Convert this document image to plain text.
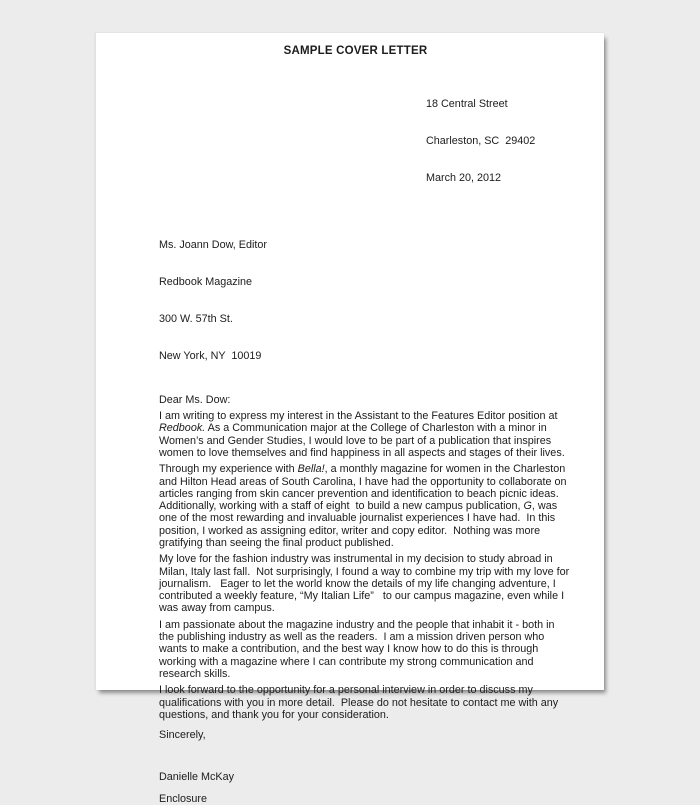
SAMPLE COVER LETTER

18 Central Street

Charleston, SC  29402

March 20, 2012

Ms. Joann Dow, Editor

Redbook Magazine

300 W. 57th St.

New York, NY  10019

Dear Ms. Dow:

I am writing to express my interest in the Assistant to the Features Editor position at Redbook. As a Communication major at the College of Charleston with a minor in Women’s and Gender Studies, I would love to be part of a publication that inspires women to love themselves and find happiness in all aspects and stages of their lives.

Through my experience with Bella!, a monthly magazine for women in the Charleston and Hilton Head areas of South Carolina, I have had the opportunity to collaborate on articles ranging from skin cancer prevention and identification to beach picnic ideas.  Additionally, working with a staff of eight  to build a new campus publication, G, was one of the most rewarding and invaluable journalist experiences I have had.  In this position, I worked as assigning editor, writer and copy editor.  Nothing was more gratifying than seeing the final product published.

My love for the fashion industry was instrumental in my decision to study abroad in Milan, Italy last fall.  Not surprisingly, I found a way to combine my trip with my love for journalism.   Eager to let the world know the details of my life changing adventure, I contributed a weekly feature, “My Italian Life”   to our campus magazine, even while I was away from campus.

I am passionate about the magazine industry and the people that inhabit it - both in the publishing industry as well as the readers.  I am a mission driven person who wants to make a contribution, and the best way I know how to do this is through working with a magazine where I can contribute my strong communication and research skills.

I look forward to the opportunity for a personal interview in order to discuss my qualifications with you in more detail.  Please do not hesitate to contact me with any questions, and thank you for your consideration.

Sincerely,

Danielle McKay

Enclosure
